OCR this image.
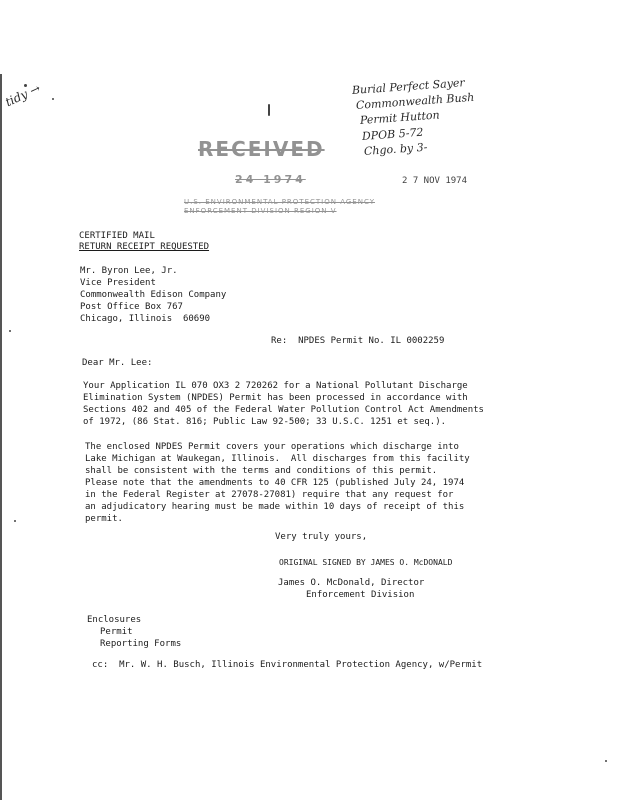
tidy →	Burial Perfect Sayer
Commonwealth Bush
Permit Hutton
DPOB 5-72
Chgo. by 3-
RECEIVED
24 1974
U.S. ENVIRONMENTAL PROTECTION AGENCY
ENFORCEMENT DIVISION REGION V
2 7 NOV 1974
CERTIFIED MAIL
RETURN RECEIPT REQUESTED
Mr. Byron Lee, Jr.
Vice President
Commonwealth Edison Company
Post Office Box 767
Chicago, Illinois  60690
Re:  NPDES Permit No. IL 0002259
Dear Mr. Lee:
Your Application IL 070 OX3 2 720262 for a National Pollutant Discharge
Elimination System (NPDES) Permit has been processed in accordance with
Sections 402 and 405 of the Federal Water Pollution Control Act Amendments
of 1972, (86 Stat. 816; Public Law 92-500; 33 U.S.C. 1251 et seq.).
The enclosed NPDES Permit covers your operations which discharge into
Lake Michigan at Waukegan, Illinois.  All discharges from this facility
shall be consistent with the terms and conditions of this permit.
Please note that the amendments to 40 CFR 125 (published July 24, 1974
in the Federal Register at 27078-27081) require that any request for
an adjudicatory hearing must be made within 10 days of receipt of this
permit.
Very truly yours,
ORIGINAL SIGNED BY JAMES O. McDONALD
James O. McDonald, Director
Enforcement Division
Enclosures
Permit
Reporting Forms
cc:  Mr. W. H. Busch, Illinois Environmental Protection Agency, w/Permit
